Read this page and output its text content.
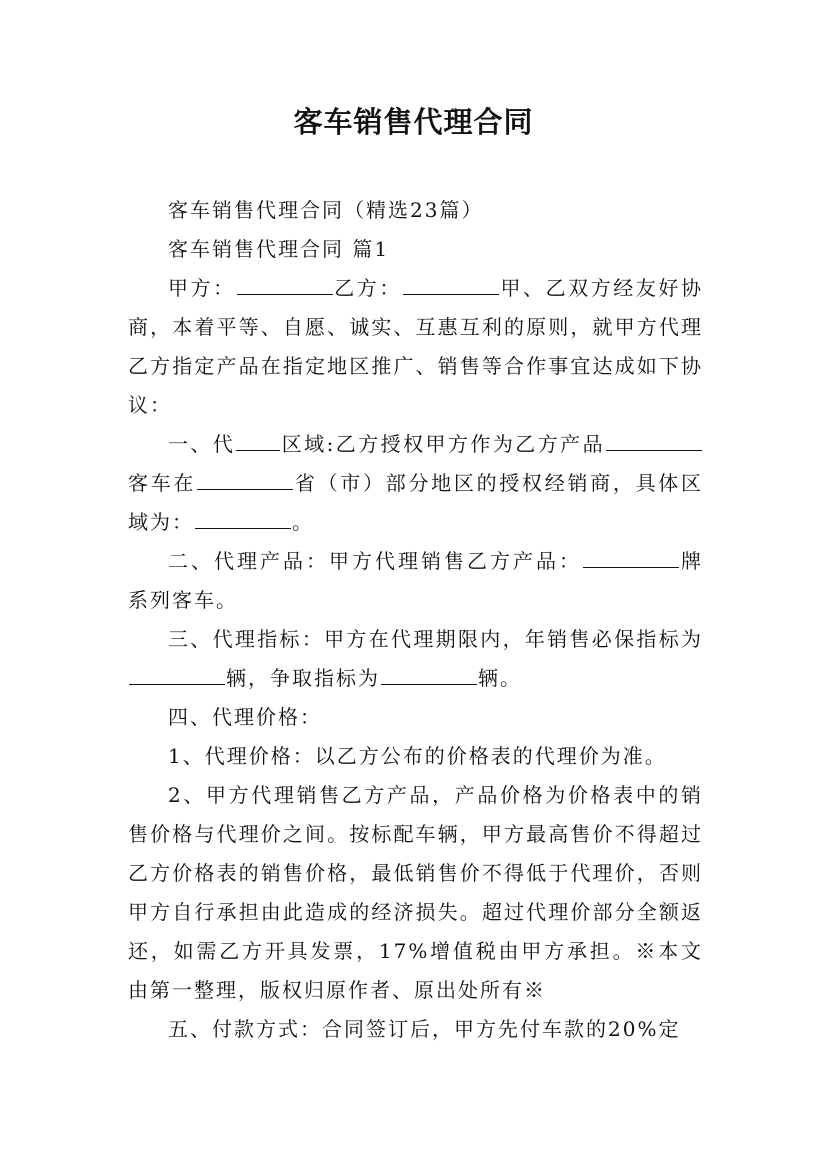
客车销售代理合同

客车销售代理合同（精选23篇）

客车销售代理合同 篇1

甲方：	乙方：	甲、乙双方经友好协商，本着平等、自愿、诚实、互惠互利的原则，就甲方代理乙方指定产品在指定地区推广、销售等合作事宜达成如下协议：

一、代 区域:乙方授权甲方作为乙方产品客车在	省（市）部分地区的授权经销商，具体区域为：	。

二、代理产品：甲方代理销售乙方产品：	牌系列客车。

三、代理指标：甲方在代理期限内，年销售必保指标为辆，争取指标为	辆。

四、代理价格：

1、代理价格：以乙方公布的价格表的代理价为准。

2、甲方代理销售乙方产品，产品价格为价格表中的销售价格与代理价之间。按标配车辆，甲方最高售价不得超过乙方价格表的销售价格，最低销售价不得低于代理价，否则甲方自行承担由此造成的经济损失。超过代理价部分全额返还，如需乙方开具发票，17%增值税由甲方承担。※本文由第一整理，版权归原作者、原出处所有※

五、付款方式：合同签订后，甲方先付车款的20%定
